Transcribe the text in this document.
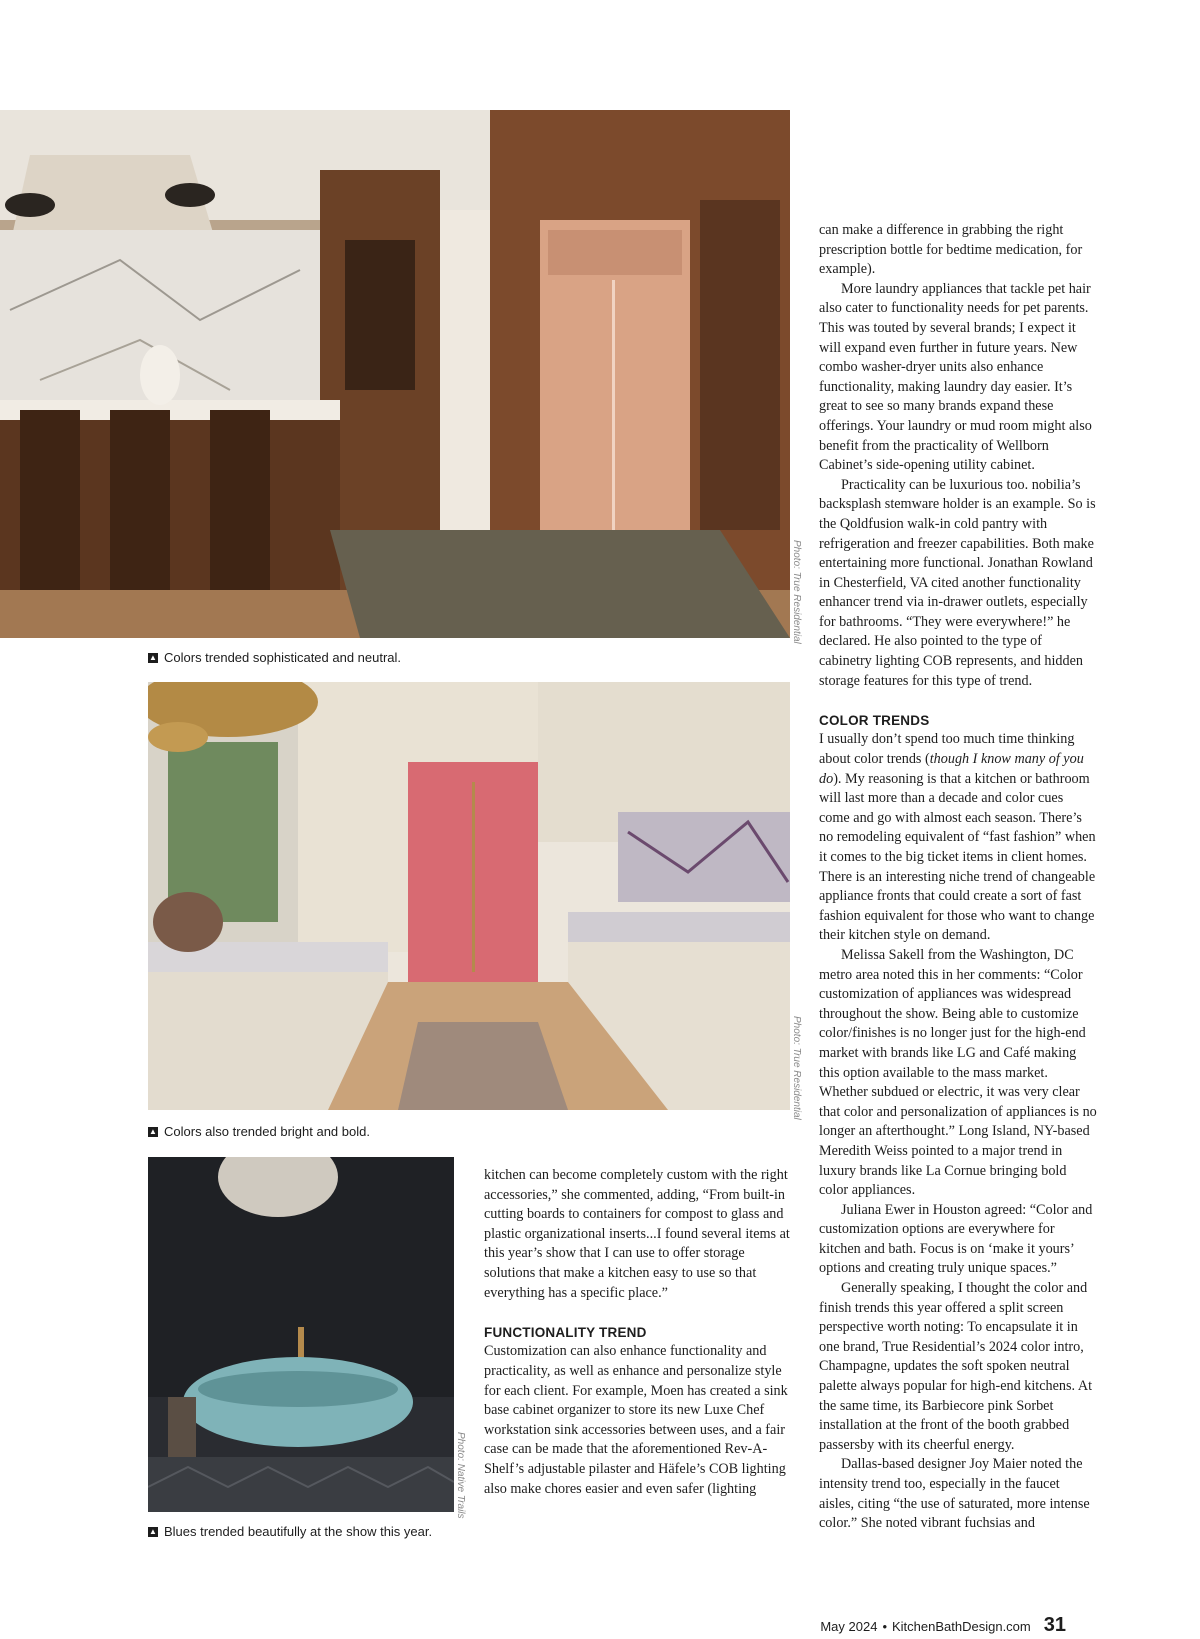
Photo: True Residential
▲ Colors trended sophisticated and neutral.
Photo: True Residential
▲ Colors also trended bright and bold.
Photo: Native Trails
▲ Blues trended beautifully at the show this year.

kitchen can become completely custom with the right accessories,” she commented, adding, “From built-in cutting boards to containers for compost to glass and plastic organizational inserts...I found several items at this year’s show that I can use to offer storage solutions that make a kitchen easy to use so that everything has a specific place.”

FUNCTIONALITY TREND

Customization can also enhance functionality and practicality, as well as enhance and personalize style for each client. For example, Moen has created a sink base cabinet organizer to store its new Luxe Chef workstation sink accessories between uses, and a fair case can be made that the aforementioned Rev-A-Shelf’s adjustable pilaster and Häfele’s COB lighting also make chores easier and even safer (lighting

can make a difference in grabbing the right prescription bottle for bedtime medication, for example).

More laundry appliances that tackle pet hair also cater to functionality needs for pet parents. This was touted by several brands; I expect it will expand even further in future years. New combo washer-dryer units also enhance functionality, making laundry day easier. It’s great to see so many brands expand these offerings. Your laundry or mud room might also benefit from the practicality of Wellborn Cabinet’s side-opening utility cabinet.

Practicality can be luxurious too. nobilia’s backsplash stemware holder is an example. So is the Qoldfusion walk-in cold pantry with refrigeration and freezer capabilities. Both make entertaining more functional. Jonathan Rowland in Chesterfield, VA cited another functionality enhancer trend via in-drawer outlets, especially for bathrooms. “They were everywhere!” he declared. He also pointed to the type of cabinetry lighting COB represents, and hidden storage features for this type of trend.

COLOR TRENDS

I usually don’t spend too much time thinking about color trends (though I know many of you do). My reasoning is that a kitchen or bathroom will last more than a decade and color cues come and go with almost each season. There’s no remodeling equivalent of “fast fashion” when it comes to the big ticket items in client homes. There is an interesting niche trend of changeable appliance fronts that could create a sort of fast fashion equivalent for those who want to change their kitchen style on demand.

Melissa Sakell from the Washington, DC metro area noted this in her comments: “Color customization of appliances was widespread throughout the show. Being able to customize color/finishes is no longer just for the high-end market with brands like LG and Café making this option available to the mass market. Whether subdued or electric, it was very clear that color and personalization of appliances is no longer an afterthought.” Long Island, NY-based Meredith Weiss pointed to a major trend in luxury brands like La Cornue bringing bold color appliances.

Juliana Ewer in Houston agreed: “Color and customization options are everywhere for kitchen and bath. Focus is on ‘make it yours’ options and creating truly unique spaces.”

Generally speaking, I thought the color and finish trends this year offered a split screen perspective worth noting: To encapsulate it in one brand, True Residential’s 2024 color intro, Champagne, updates the soft spoken neutral palette always popular for high-end kitchens. At the same time, its Barbiecore pink Sorbet installation at the front of the booth grabbed passersby with its cheerful energy.

Dallas-based designer Joy Maier noted the intensity trend too, especially in the faucet aisles, citing “the use of saturated, more intense color.” She noted vibrant fuchsias and

May 2024 • KitchenBathDesign.com 31
